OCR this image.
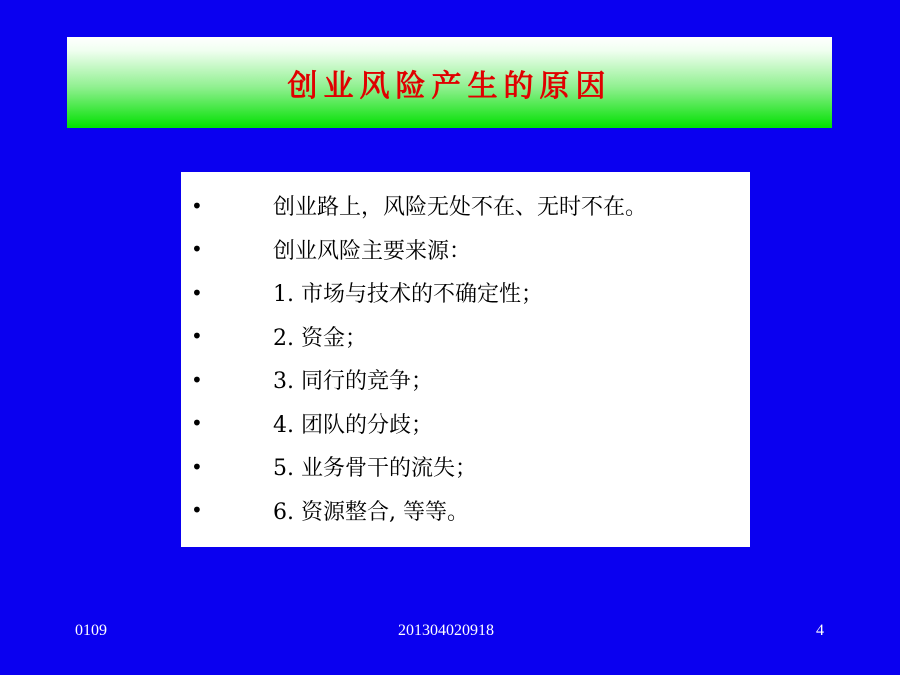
创业风险产生的原因
•	创业路上，风险无处不在、无时不在。
•	创业风险主要来源：
•	1. 市场与技术的不确定性；
•	2. 资金；
•	3. 同行的竞争；
•	4. 团队的分歧；
•	5. 业务骨干的流失；
•	6. 资源整合, 等等。
0109	201304020918	4
